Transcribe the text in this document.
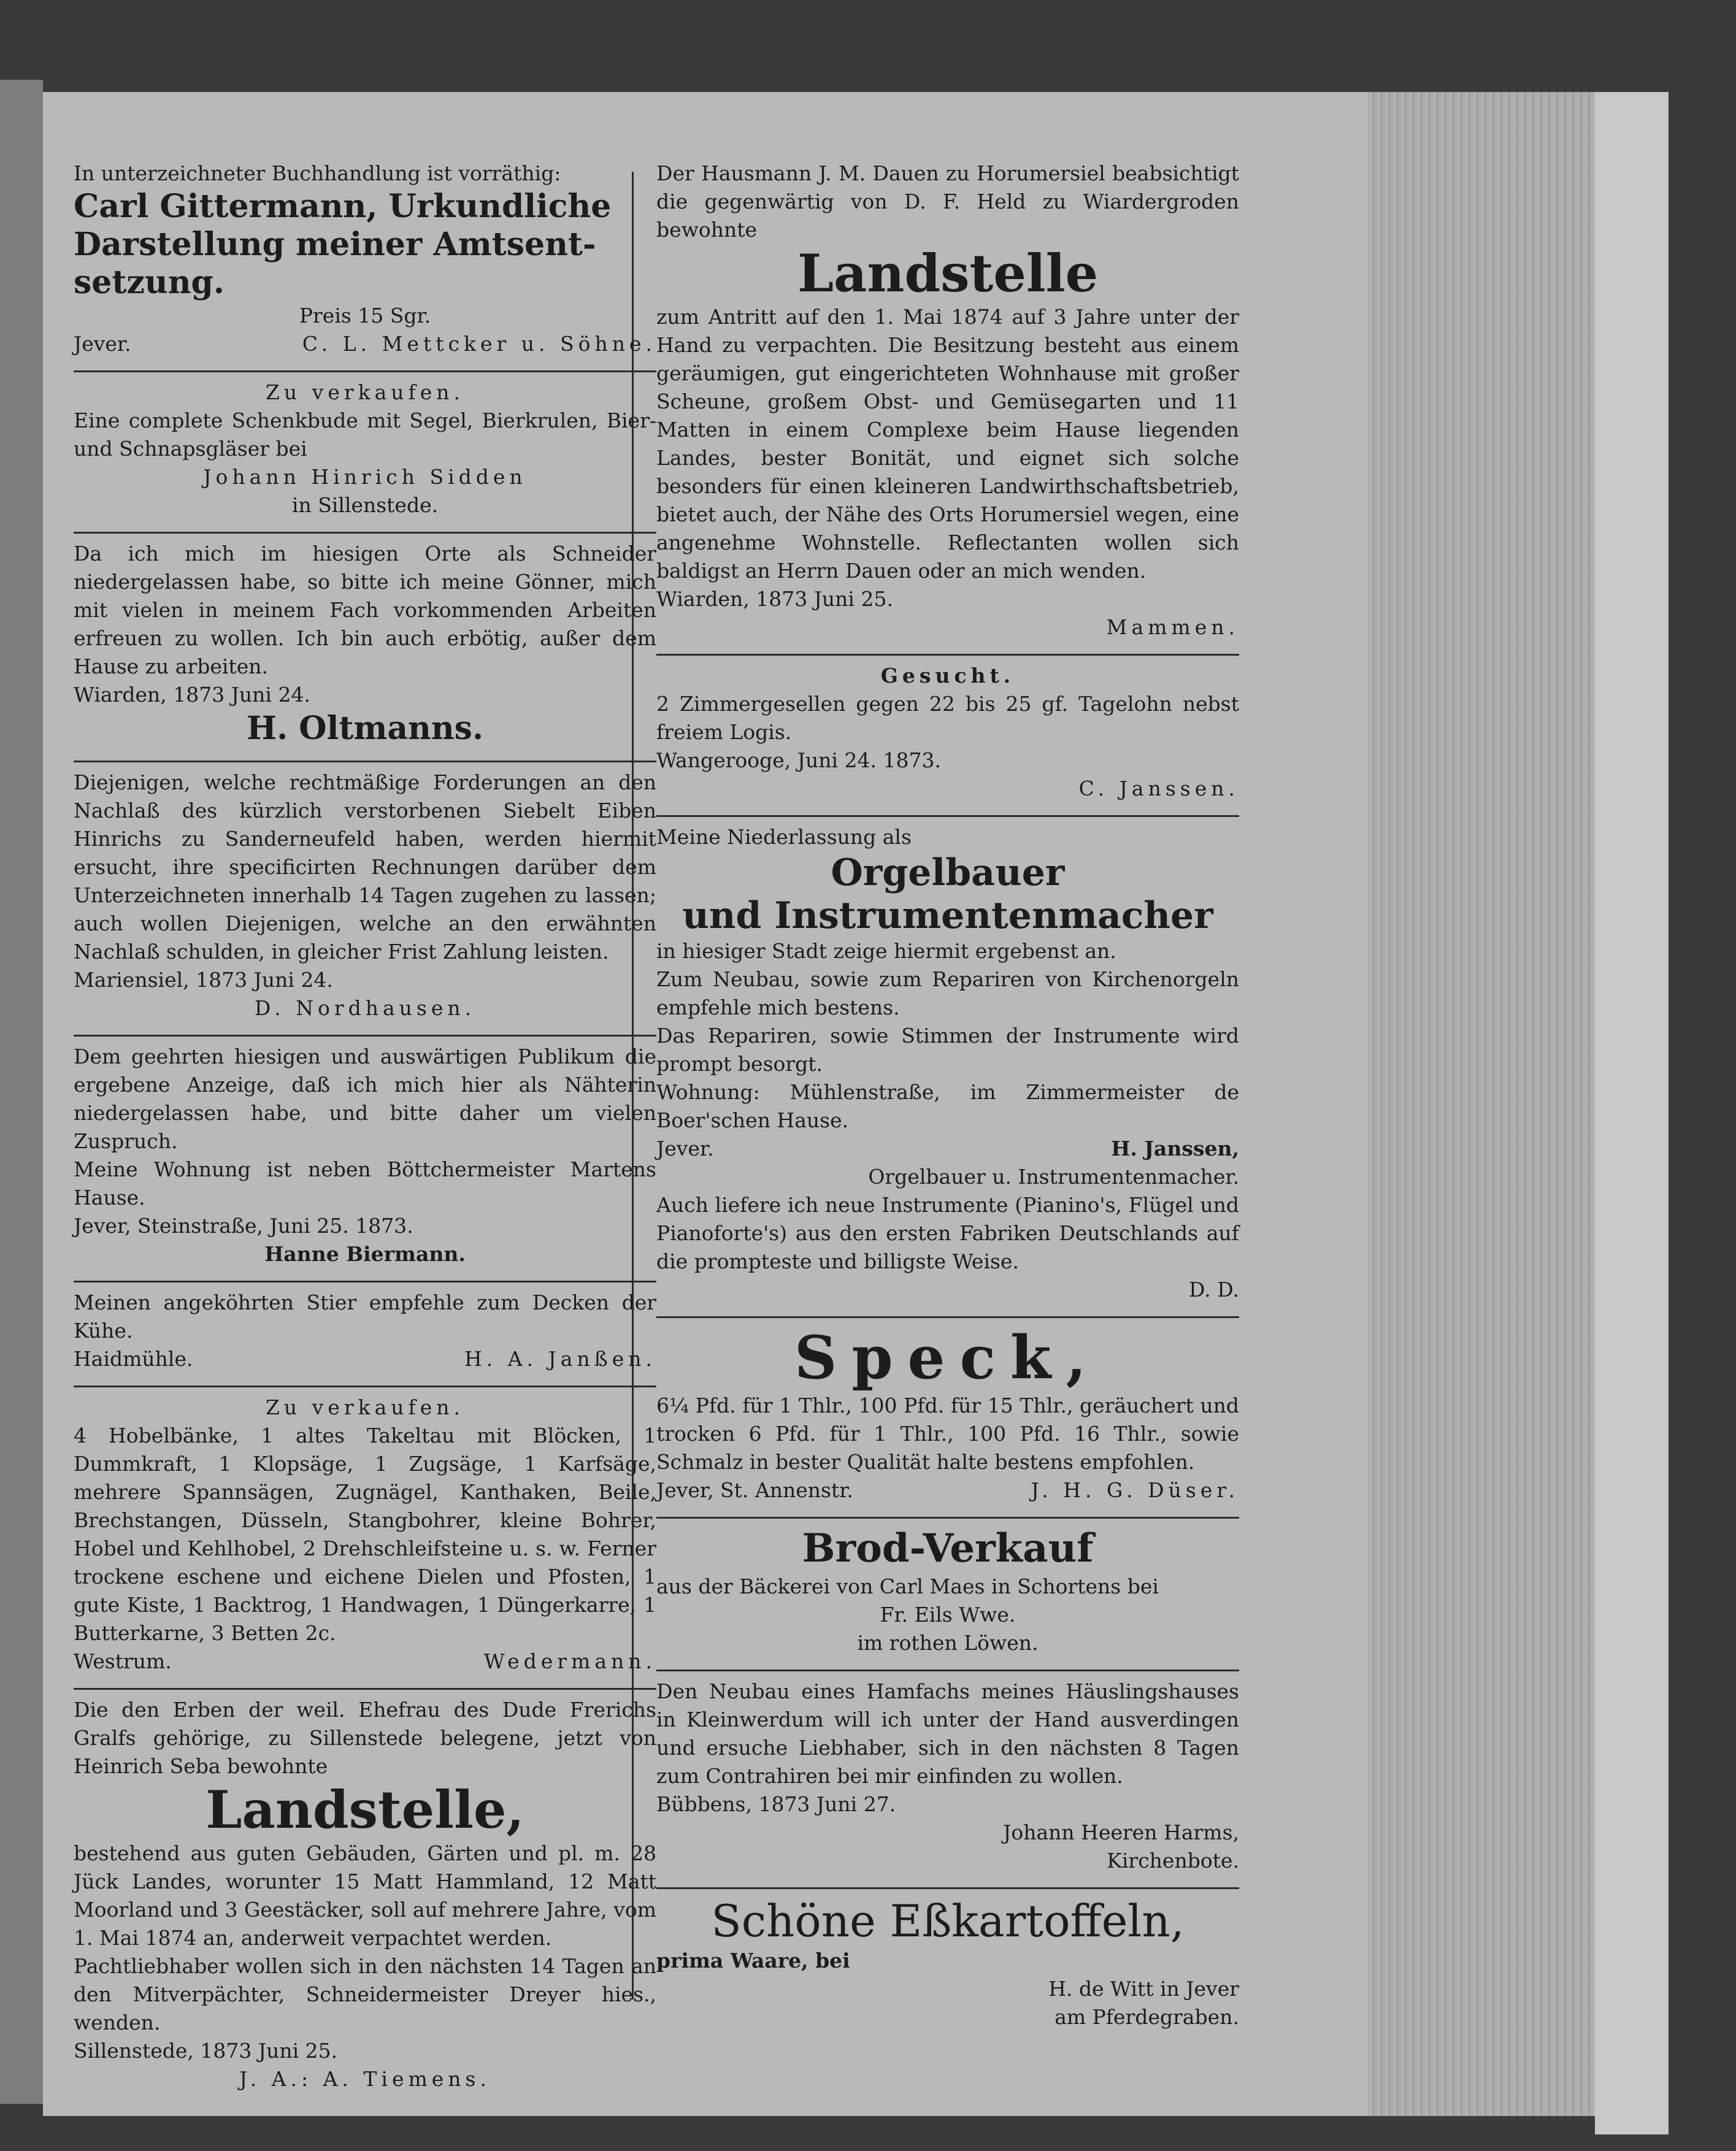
In unterzeichneter Buchhandlung ist vorräthig:

Carl Gittermann, Urkundliche Darstellung meiner Amtsent-setzung.

Preis 15 Sgr.

Jever.	C. L. Mettcker u. Söhne.

Zu verkaufen.

Eine complete Schenkbude mit Segel, Bierkrulen, Bier- und Schnapsgläser bei

Johann Hinrich Sidden

in Sillenstede.

Da ich mich im hiesigen Orte als Schneider niedergelassen habe, so bitte ich meine Gönner, mich mit vielen in meinem Fach vorkommenden Arbeiten erfreuen zu wollen. Ich bin auch erbötig, außer dem Hause zu arbeiten.

Wiarden, 1873 Juni 24.

H. Oltmanns.

Diejenigen, welche rechtmäßige Forderungen an den Nachlaß des kürzlich verstorbenen Siebelt Eiben Hinrichs zu Sanderneufeld haben, werden hiermit ersucht, ihre specificirten Rechnungen darüber dem Unterzeichneten innerhalb 14 Tagen zugehen zu lassen; auch wollen Diejenigen, welche an den erwähnten Nachlaß schulden, in gleicher Frist Zahlung leisten.

Mariensiel, 1873 Juni 24.

D. Nordhausen.

Dem geehrten hiesigen und auswärtigen Publikum die ergebene Anzeige, daß ich mich hier als Nähterin niedergelassen habe, und bitte daher um vielen Zuspruch.

Meine Wohnung ist neben Böttchermeister Martens Hause.

Jever, Steinstraße, Juni 25. 1873.

Hanne Biermann.

Meinen angeköhrten Stier empfehle zum Decken der Kühe.

Haidmühle.	H. A. Janßen.

Zu verkaufen.

4 Hobelbänke, 1 altes Takeltau mit Blöcken, 1 Dummkraft, 1 Klopsäge, 1 Zugsäge, 1 Karfsäge, mehrere Spannsägen, Zugnägel, Kanthaken, Beile, Brechstangen, Düsseln, Stangbohrer, kleine Bohrer, Hobel und Kehlhobel, 2 Drehschleifsteine u. s. w. Ferner trockene eschene und eichene Dielen und Pfosten, 1 gute Kiste, 1 Backtrog, 1 Handwagen, 1 Düngerkarre, 1 Butterkarne, 3 Betten 2c.

Westrum.	Wedermann.

Die den Erben der weil. Ehefrau des Dude Frerichs Gralfs gehörige, zu Sillenstede belegene, jetzt von Heinrich Seba bewohnte

Landstelle,

bestehend aus guten Gebäuden, Gärten und pl. m. 28 Jück Landes, worunter 15 Matt Hammland, 12 Matt Moorland und 3 Geestäcker, soll auf mehrere Jahre, vom 1. Mai 1874 an, anderweit verpachtet werden.

Pachtliebhaber wollen sich in den nächsten 14 Tagen an den Mitverpächter, Schneidermeister Dreyer hies., wenden.

Sillenstede, 1873 Juni 25.

J. A.: A. Tiemens.

Der Hausmann J. M. Dauen zu Horumersiel beabsichtigt die gegenwärtig von D. F. Held zu Wiardergroden bewohnte

Landstelle

zum Antritt auf den 1. Mai 1874 auf 3 Jahre unter der Hand zu verpachten. Die Besitzung besteht aus einem geräumigen, gut eingerichteten Wohnhause mit großer Scheune, großem Obst- und Gemüsegarten und 11 Matten in einem Complexe beim Hause liegenden Landes, bester Bonität, und eignet sich solche besonders für einen kleineren Landwirthschaftsbetrieb, bietet auch, der Nähe des Orts Horumersiel wegen, eine angenehme Wohnstelle. Reflectanten wollen sich baldigst an Herrn Dauen oder an mich wenden.

Wiarden, 1873 Juni 25.

Mammen.

Gesucht.

2 Zimmergesellen gegen 22 bis 25 gf. Tagelohn nebst freiem Logis.

Wangerooge, Juni 24. 1873.

C. Janssen.

Meine Niederlassung als

Orgelbauer

und Instrumentenmacher

in hiesiger Stadt zeige hiermit ergebenst an.

Zum Neubau, sowie zum Repariren von Kirchenorgeln empfehle mich bestens.

Das Repariren, sowie Stimmen der Instrumente wird prompt besorgt.

Wohnung: Mühlenstraße, im Zimmermeister de Boer'schen Hause.

Jever.	H. Janssen,

Orgelbauer u. Instrumentenmacher.

Auch liefere ich neue Instrumente (Pianino's, Flügel und Pianoforte's) aus den ersten Fabriken Deutschlands auf die prompteste und billigste Weise.

D. D.

Speck,

6¼ Pfd. für 1 Thlr., 100 Pfd. für 15 Thlr., geräuchert und trocken 6 Pfd. für 1 Thlr., 100 Pfd. 16 Thlr., sowie Schmalz in bester Qualität halte bestens empfohlen.

Jever, St. Annenstr.	J. H. G. Düser.

Brod-Verkauf

aus der Bäckerei von Carl Maes in Schortens bei

Fr. Eils Wwe.

im rothen Löwen.

Den Neubau eines Hamfachs meines Häuslingshauses in Kleinwerdum will ich unter der Hand ausverdingen und ersuche Liebhaber, sich in den nächsten 8 Tagen zum Contrahiren bei mir einfinden zu wollen.

Bübbens, 1873 Juni 27.

Johann Heeren Harms,

Kirchenbote.

Schöne Eßkartoffeln,

prima Waare, bei

H. de Witt in Jever

am Pferdegraben.
